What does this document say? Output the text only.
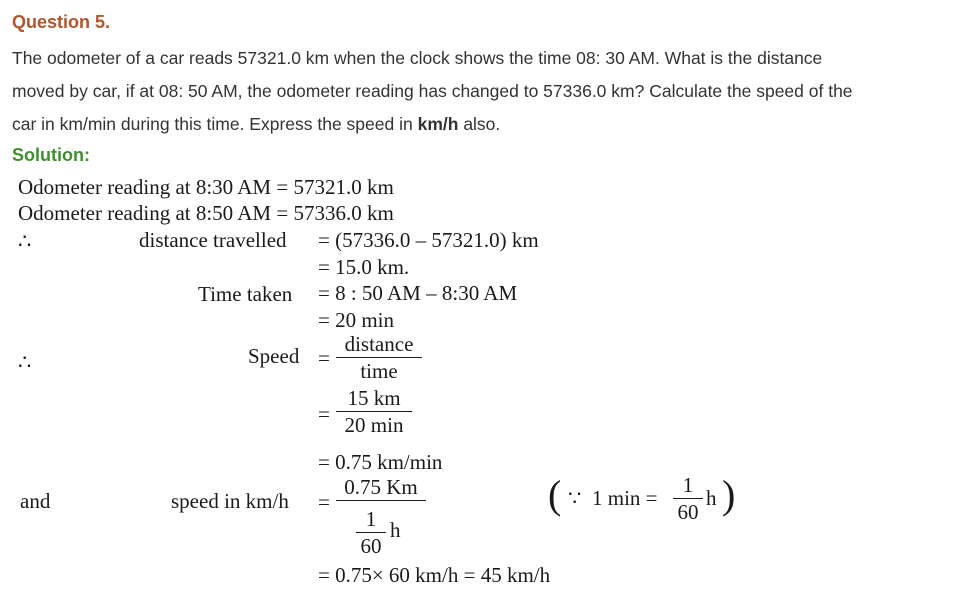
Question 5.
The odometer of a car reads 57321.0 km when the clock shows the time 08: 30 AM. What is the distance
moved by car, if at 08: 50 AM, the odometer reading has changed to 57336.0 km? Calculate the speed of the
car in km/min during this time. Express the speed in km/h also.
Solution:
Odometer reading at 8:30 AM = 57321.0 km
Odometer reading at 8:50 AM = 57336.0 km
∴	distance travelled = (57336.0 – 57321.0) km
= 15.0 km.
Time taken = 8 : 50 AM – 8:30 AM
= 20 min
∴	Speed =
distance
time
=
15 km
20 min
= 0.75 km/min
and	speed in km/h =
0.75 Km
1
60
h
( ∵ 1 min =
1
60
h )
= 0.75× 60 km/h = 45 km/h
